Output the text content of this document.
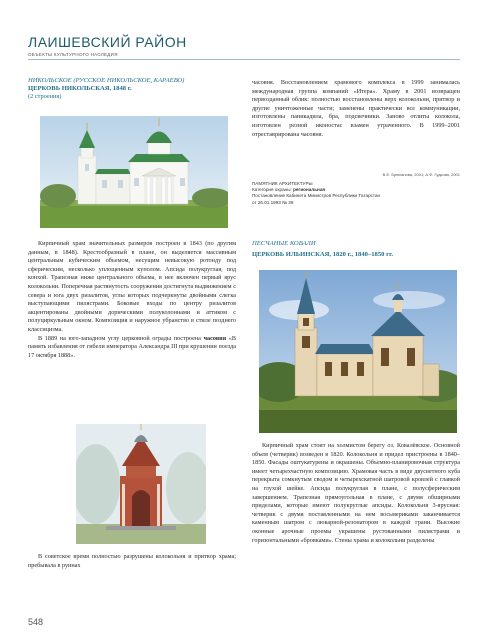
ЛАИШЕВСКИЙ РАЙОН
ОБЪЕКТЫ КУЛЬТУРНОГО НАСЛЕДИЯ
НИКОЛЬСКОЕ (РУССКОЕ НИКОЛЬСКОЕ, КАРАЕВО)
ЦЕРКОВЬ НИКОЛЬСКАЯ, 1848 г.
(2 строения)

Кирпичный храм значительных размеров построен в 1843 (по другим данным, в 1848). Крестообразный в плане, он выделяется массивным центральным кубическим объемом, несущим невысокую ротонду под сферическим, несколько уплощенным куполом. Апсида полукруглая, под конхой. Трапезная ниже центрального объема, в нее включен первый ярус колокольни. Поперечная растянутость сооружения достигнута выдвижением с севера и юга двух ризалитов, углы которых подчеркнуты двойными слегка выступающими пилястрами. Боковые входы по центру ризалитов акцентированы двойными дорическими полуколоннами и аттиком с полуциркульным окном. Композиция и наружное убранство в стиле позднего классицизма.

В 1889 на юго-западном углу церковной ограды построена часовня «В память избавления от гибели императора Александра III при крушении поезда 17 октября 1888».

В советское время полностью разрушены колокольня и притвор храма; пребывала в руинах

часовня. Восстановлением храмового комплекса в 1999 занималась международная группа компаний «Итера». Храму в 2001 возвращен первозданный облик: полностью восстановлены верх колокольни, притвор и другие уничтоженные части; заменены практически все коммуникации, изготовлены паникадила, бра, подсвечники. Заново отлиты колокола, изготовлен резной иконостас взамен утраченного. В 1999–2001 отреставрирована часовня.

В.Е. Брюханова, 2001; А.Ф. Гудкова, 2001
ПАМЯТНИК АРХИТЕКТУРЫ
Категория охраны: региональная
Постановление Кабинета Министров Республики Татарстан
от 26.01.1993 № 39
ПЕСЧАНЫЕ КОВАЛИ
ЦЕРКОВЬ ИЛЬИНСКАЯ, 1820 г., 1840–1850 гг.

Кирпичный храм стоит на холмистом берегу оз. Ковалёвское. Основной объем (четверик) возведен в 1820. Колокольня и придел пристроены в 1840–1850. Фасады оштукатурены и окрашены. Объемно-планировочная структура имеет четырехчастную композицию. Храмовая часть в виде двусветного куба перекрыта сомкнутым сводом и четырехскатной шатровой кровлей с главкой на глухой шейке. Апсида полукруглая в плане, с полусферическим завершением. Трапезная прямоугольная в плане, с двумя обширными приделами, которые имеют полукруглые апсиды. Колокольня 3-ярусная: четверик с двумя поставленными на нем восьмериками заканчивается каменным шатром с люкарной-резонатором в каждой грани. Высокие оконные арочные проемы украшены рустованными пилястрами и горизонтальными «бровками». Стены храма и колокольни разделены

548
